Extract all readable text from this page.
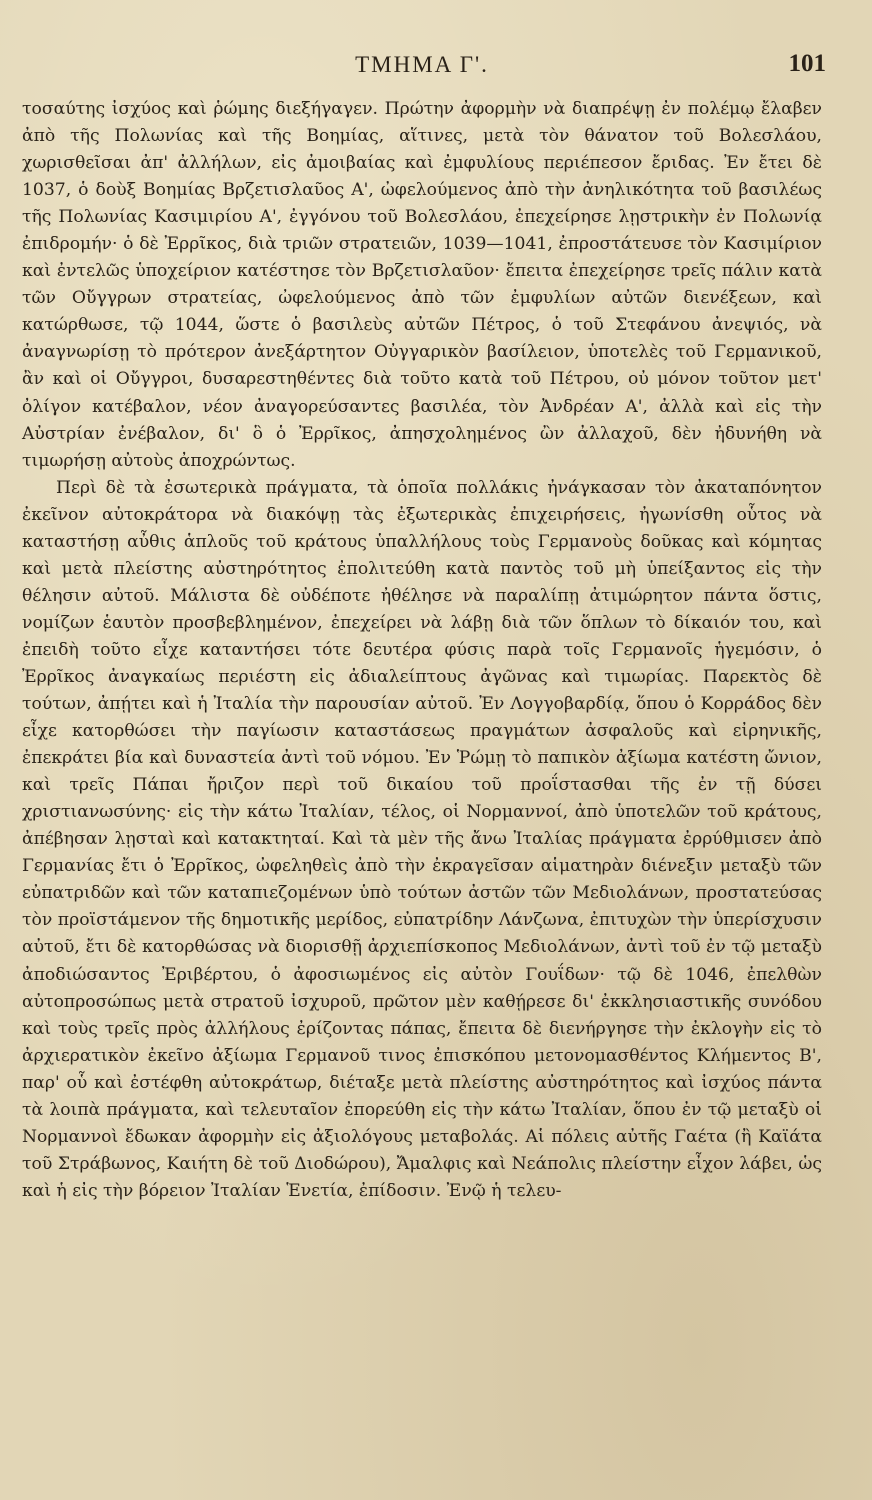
ΤΜΗΜΑ Γ'.	101

τοσαύτης ἰσχύος καὶ ῥώμης διεξήγαγεν. Πρώτην ἀφορμὴν νὰ διαπρέψῃ ἐν πολέμῳ ἔλαβεν ἀπὸ τῆς Πολωνίας καὶ τῆς Βοημίας, αἵτινες, μετὰ τὸν θάνατον τοῦ Βολεσλάου, χωρισθεῖσαι ἀπ' ἀλλήλων, εἰς ἀμοιβαίας καὶ ἐμφυλίους περιέπεσον ἔριδας. Ἐν ἔτει δὲ 1037, ὁ δοὺξ Βοημίας Βρζετισλαῦος Α', ὠφελούμενος ἀπὸ τὴν ἀνηλικότητα τοῦ βασιλέως τῆς Πολωνίας Κασιμιρίου Α', ἐγγόνου τοῦ Βολεσλάου, ἐπεχείρησε λῃστρικὴν ἐν Πολωνίᾳ ἐπιδρομήν· ὁ δὲ Ἐρρῖκος, διὰ τριῶν στρατειῶν, 1039—1041, ἐπροστάτευσε τὸν Κασιμίριον καὶ ἐντελῶς ὑποχείριον κατέστησε τὸν Βρζετισλαῦον· ἔπειτα ἐπεχείρησε τρεῖς πάλιν κατὰ τῶν Οὔγγρων στρατείας, ὠφελούμενος ἀπὸ τῶν ἐμφυλίων αὐτῶν διενέξεων, καὶ κατώρθωσε, τῷ 1044, ὥστε ὁ βασιλεὺς αὐτῶν Πέτρος, ὁ τοῦ Στεφάνου ἀνεψιός, νὰ ἀναγνωρίσῃ τὸ πρότερον ἀνεξάρτητον Οὐγγαρικὸν βασίλειον, ὑποτελὲς τοῦ Γερμανικοῦ, ἂν καὶ οἱ Οὔγγροι, δυσαρεστηθέντες διὰ τοῦτο κατὰ τοῦ Πέτρου, οὐ μόνον τοῦτον μετ' ὀλίγον κατέβαλον, νέον ἀναγορεύσαντες βασιλέα, τὸν Ἀνδρέαν Α', ἀλλὰ καὶ εἰς τὴν Αὐστρίαν ἐνέβαλον, δι' ὃ ὁ Ἐρρῖκος, ἀπησχολημένος ὢν ἀλλαχοῦ, δὲν ἠδυνήθη νὰ τιμωρήσῃ αὐτοὺς ἀποχρώντως.

Περὶ δὲ τὰ ἐσωτερικὰ πράγματα, τὰ ὁποῖα πολλάκις ἠνάγκασαν τὸν ἀκαταπόνητον ἐκεῖνον αὐτοκράτορα νὰ διακόψῃ τὰς ἐξωτερικὰς ἐπιχειρήσεις, ἠγωνίσθη οὗτος νὰ καταστήσῃ αὖθις ἁπλοῦς τοῦ κράτους ὑπαλλήλους τοὺς Γερμανοὺς δοῦκας καὶ κόμητας καὶ μετὰ πλείστης αὐστηρότητος ἐπολιτεύθη κατὰ παντὸς τοῦ μὴ ὑπείξαντος εἰς τὴν θέλησιν αὐτοῦ. Μάλιστα δὲ οὐδέποτε ἠθέλησε νὰ παραλίπῃ ἀτιμώρητον πάντα ὅστις, νομίζων ἑαυτὸν προσβεβλημένον, ἐπεχείρει νὰ λάβῃ διὰ τῶν ὅπλων τὸ δίκαιόν του, καὶ ἐπειδὴ τοῦτο εἶχε καταντήσει τότε δευτέρα φύσις παρὰ τοῖς Γερμανοῖς ἡγεμόσιν, ὁ Ἐρρῖκος ἀναγκαίως περιέστη εἰς ἀδιαλείπτους ἀγῶνας καὶ τιμωρίας. Παρεκτὸς δὲ τούτων, ἀπῄτει καὶ ἡ Ἰταλία τὴν παρουσίαν αὐτοῦ. Ἐν Λογγοβαρδίᾳ, ὅπου ὁ Κορράδος δὲν εἶχε κατορθώσει τὴν παγίωσιν καταστάσεως πραγμάτων ἀσφαλοῦς καὶ εἰρηνικῆς, ἐπεκράτει βία καὶ δυναστεία ἀντὶ τοῦ νόμου. Ἐν Ῥώμῃ τὸ παπικὸν ἀξίωμα κατέστη ὤνιον, καὶ τρεῖς Πάπαι ἤριζον περὶ τοῦ δικαίου τοῦ προΐστασθαι τῆς ἐν τῇ δύσει χριστιανωσύνης· εἰς τὴν κάτω Ἰταλίαν, τέλος, οἱ Νορμαννοί, ἀπὸ ὑποτελῶν τοῦ κράτους, ἀπέβησαν λῃσταὶ καὶ κατακτηταί. Καὶ τὰ μὲν τῆς ἄνω Ἰταλίας πράγματα ἐρρύθμισεν ἀπὸ Γερμανίας ἔτι ὁ Ἐρρῖκος, ὠφεληθεὶς ἀπὸ τὴν ἐκραγεῖσαν αἱματηρὰν διένεξιν μεταξὺ τῶν εὐπατριδῶν καὶ τῶν καταπιεζομένων ὑπὸ τούτων ἀστῶν τῶν Μεδιολάνων, προστατεύσας τὸν προϊστάμενον τῆς δημοτικῆς μερίδος, εὐπατρίδην Λάνζωνα, ἐπιτυχὼν τὴν ὑπερίσχυσιν αὐτοῦ, ἔτι δὲ κατορθώσας νὰ διορισθῇ ἀρχιεπίσκοπος Μεδιολάνων, ἀντὶ τοῦ ἐν τῷ μεταξὺ ἀποδιώσαντος Ἐριβέρτου, ὁ ἀφοσιωμένος εἰς αὐτὸν Γουΐδων· τῷ δὲ 1046, ἐπελθὼν αὐτοπροσώπως μετὰ στρατοῦ ἰσχυροῦ, πρῶτον μὲν καθῄρεσε δι' ἐκκλησιαστικῆς συνόδου καὶ τοὺς τρεῖς πρὸς ἀλλήλους ἐρίζοντας πάπας, ἔπειτα δὲ διενήργησε τὴν ἐκλογὴν εἰς τὸ ἀρχιερατικὸν ἐκεῖνο ἀξίωμα Γερμανοῦ τινος ἐπισκόπου μετονομασθέντος Κλήμεντος Β', παρ' οὗ καὶ ἐστέφθη αὐτοκράτωρ, διέταξε μετὰ πλείστης αὐστηρότητος καὶ ἰσχύος πάντα τὰ λοιπὰ πράγματα, καὶ τελευταῖον ἐπορεύθη εἰς τὴν κάτω Ἰταλίαν, ὅπου ἐν τῷ μεταξὺ οἱ Νορμαννοὶ ἔδωκαν ἀφορμὴν εἰς ἀξιολόγους μεταβολάς. Αἱ πόλεις αὐτῆς Γαέτα (ἢ Καϊάτα τοῦ Στράβωνος, Καιήτη δὲ τοῦ Διοδώρου), Ἄμαλφις καὶ Νεάπολις πλείστην εἶχον λάβει, ὡς καὶ ἡ εἰς τὴν βόρειον Ἰταλίαν Ἑνετία, ἐπίδοσιν. Ἐνῷ ἡ τελευ-
